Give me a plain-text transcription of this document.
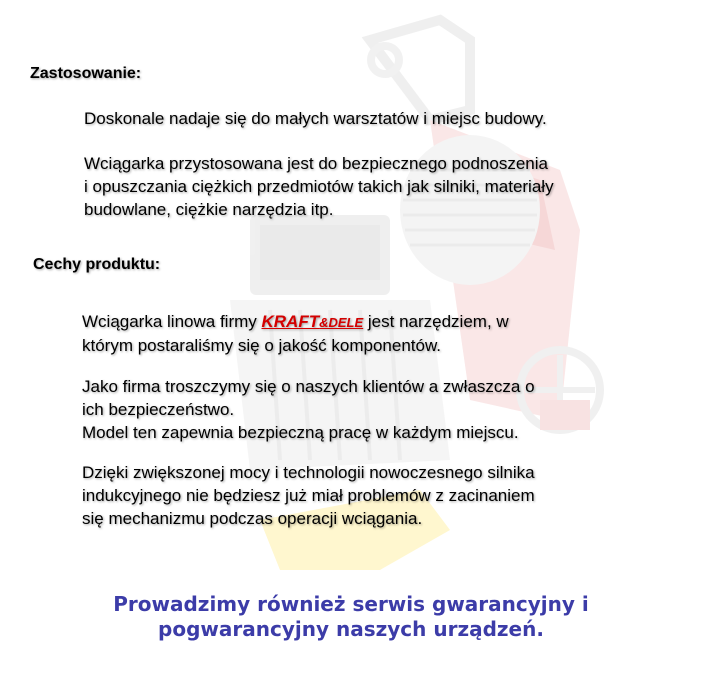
Zastosowanie:

Doskonale nadaje się do małych warsztatów i miejsc budowy.

Wciągarka przystosowana jest do bezpiecznego podnoszenia
i opuszczania ciężkich przedmiotów takich jak silniki, materiały
budowlane, ciężkie narzędzia itp.
Cechy produktu:
Wciągarka linowa firmy KRAFT&DELE jest narzędziem, w
którym postaraliśmy się o jakość komponentów.
Jako firma troszczymy się o naszych klientów a zwłaszcza o
ich bezpieczeństwo.
Model ten zapewnia bezpieczną pracę w każdym miejscu.
Dzięki zwiększonej mocy i technologii nowoczesnego silnika
indukcyjnego nie będziesz już miał problemów z zacinaniem
się mechanizmu podczas operacji wciągania.
Prowadzimy również serwis gwarancyjny i
pogwarancyjny naszych urządzeń.
